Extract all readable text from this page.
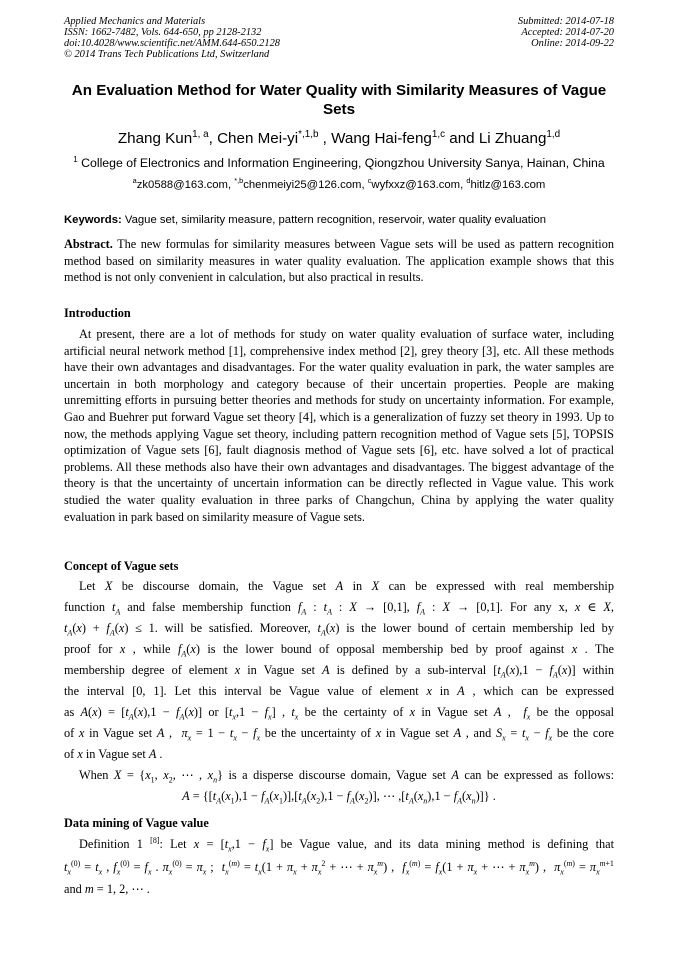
Applied Mechanics and Materials
ISSN: 1662-7482, Vols. 644-650, pp 2128-2132
doi:10.4028/www.scientific.net/AMM.644-650.2128
© 2014 Trans Tech Publications Ltd, Switzerland
Submitted: 2014-07-18
Accepted: 2014-07-20
Online: 2014-09-22
An Evaluation Method for Water Quality with Similarity Measures of Vague Sets
Zhang Kun$^{1, a}$, Chen Mei-$yi^{*,1,b}$ , Wang Hai-feng$^{1,c}$ and Li Zhuang$^{1,d}$
$^1$ College of Electronics and Information Engineering, Qiongzhou University Sanya, Hainan, China
$^a$zk0588@163.com, $^{*,b}$chenmeiyi25@126.com, $^c$wyfxxz@163.com, $^d$hitlz@163.com
Keywords: Vague set, similarity measure, pattern recognition, reservoir, water quality evaluation
Abstract. The new formulas for similarity measures between Vague sets will be used as pattern recognition method based on similarity measures in water quality evaluation. The application example shows that this method is not only convenient in calculation, but also practical in results.
Introduction
At present, there are a lot of methods for study on water quality evaluation of surface water, including artificial neural network method [1], comprehensive index method [2], grey theory [3], etc. All these methods have their own advantages and disadvantages. For the water quality evaluation in park, the water samples are uncertain in both morphology and category because of their uncertain properties. People are making unremitting efforts in pursuing better theories and methods for study on uncertainty information. For example, Gao and Buehrer put forward Vague set theory [4], which is a generalization of fuzzy set theory in 1993. Up to now, the methods applying Vague set theory, including pattern recognition method of Vague sets [5], TOPSIS optimization of Vague sets [6], fault diagnosis method of Vague sets [6], etc. have solved a lot of practical problems. All these methods also have their own advantages and disadvantages. The biggest advantage of the theory is that the uncertainty of uncertain information can be directly reflected in Vague value. This work studied the water quality evaluation in three parks of Changchun, China by applying the water quality evaluation in park based on similarity measure of Vague sets.
Concept of Vague sets
Let X be discourse domain, the Vague set A in X can be expressed with real membership
function $t_A$ and false membership function $f_A$ : $t_A$ : X → [0,1], $f_A$ : X → [0,1]. For any x, x ∈ X,
$t_A(x) + f_A(x) \le 1$. will be satisfied. Moreover, $t_A(x)$ is the lower bound of certain membership led by
proof for x , while $f_A(x)$ is the lower bound of opposal membership bed by proof against x . The
membership degree of element x in Vague set A is defined by a sub-interval $[t_A(x),1 - f_A(x)]$ within
the interval [0, 1]. Let this interval be Vague value of element x in A , which can be expressed
as $A(x) = [t_A(x),1 - f_A(x)]$ or $[t_x,1 - f_x]$ , $t_x$ be the certainty of x in Vague set A ,  $f_x$ be the opposal
of x in Vague set A ,  $\pi_x = 1 - t_x - f_x$ be the uncertainty of x in Vague set A , and $S_x = t_x - f_x$ be the core
of x in Vague set A .
When $X = \{x_1$, $x_2$, ⋯ , $x_n$} is a disperse discourse domain, Vague set A can be expressed as follows:
$A = \{[t_A(x_1),1 - f_A(x_1)],[t_A(x_2),1 - f_A(x_2)]$, ⋯ $,[t_A(x_n),1 - f_A(x_n)]$} .
Data mining of Vague value
Definition 1 [8]: Let $x = [t_x,1 - f_x]$ be Vague value, and its data mining method is defining that
$t_x^{(0)} = t_x$ , $f_x^{(0)} = f_x$ . $\pi_x^{(0)} = \pi_x$ ;  $t_x^{(m)} = t_x(1 + \pi_x + \pi_x^2$ + ⋯ + $\pi_x^m$) ,  $f_x^{(m)} = f_x(1 + \pi_x$ + ⋯ + $\pi_x^m$) ,  $\pi_x^{(m)} = \pi_x^{m+1}$
and m = 1, 2, ⋯ .
